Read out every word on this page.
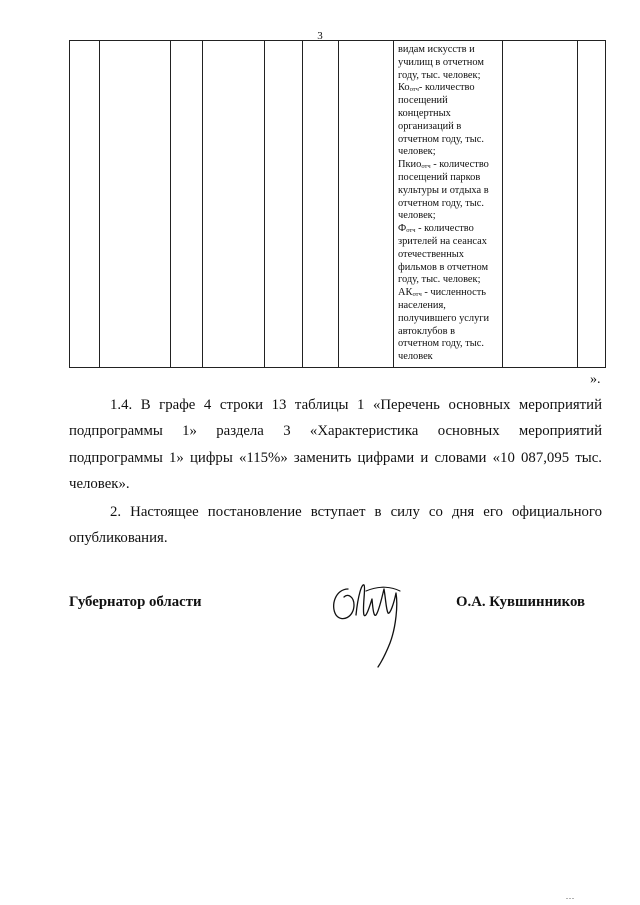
3

видам искусств и
училищ в отчетном
году, тыс. человек;
$Ко_{отч}-$ количество
посещений
концертных
организаций в
отчетном году, тыс.
человек;
Пкио$_{отч}$ - количество
посещений парков
культуры и отдыха в
отчетном году, тыс.
человек;
$Ф_{отч}$ - количество
зрителей на сеансах
отечественных
фильмов в отчетном
году, тыс. человек;
$АК_{отч}$ - численность
населения,
получившего услуги
автоклубов в
отчетном году, тыс.
человек

».
1.4. В графе 4 строки 13 таблицы 1 «Перечень основных мероприятий
подпрограммы 1» раздела 3 «Характеристика основных мероприятий
подпрограммы 1» цифры «115%» заменить цифрами и словами «10 087,095 тыс.
человек».
2. Настоящее постановление вступает в силу со дня его официального
опубликования.
Губернатор области	О.А. Кувшинников
...
